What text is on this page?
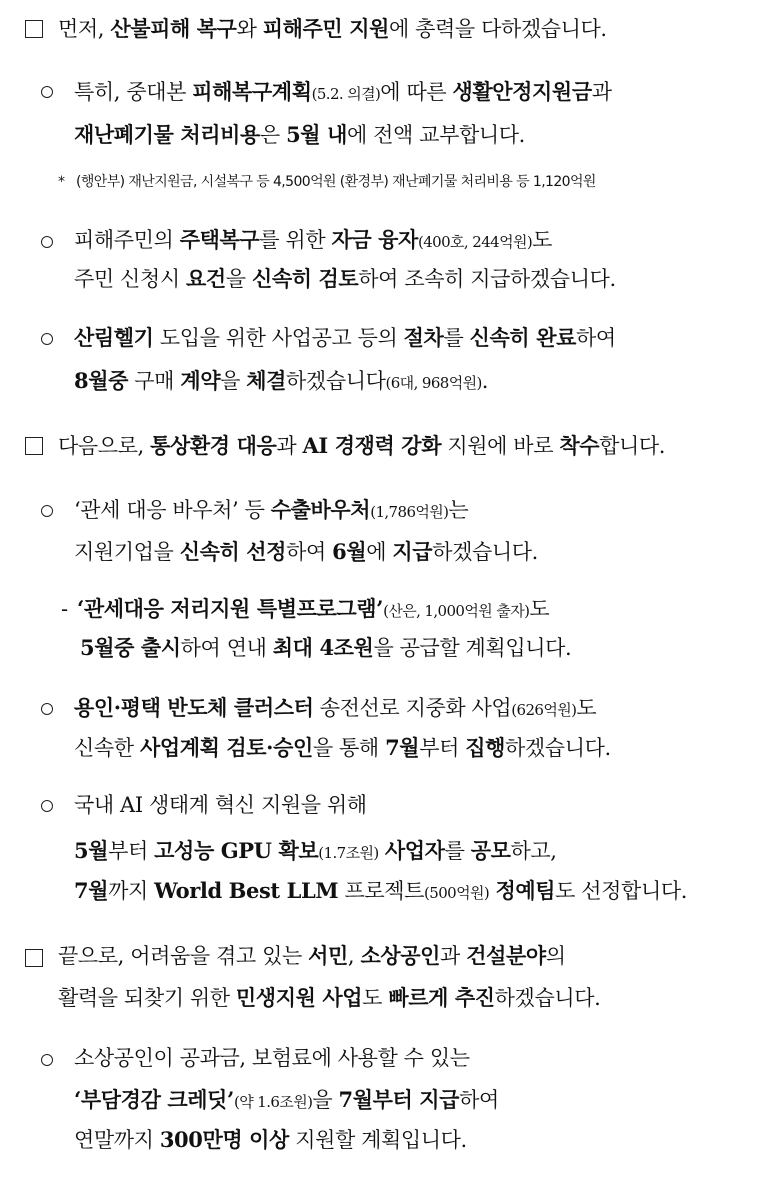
먼저, 산불피해 복구와 피해주민 지원에 총력을 다하겠습니다.
특히, 중대본 피해복구계획(5.2. 의결)에 따른 생활안정지원금과
재난폐기물 처리비용은 5월 내에 전액 교부합니다.
* (행안부) 재난지원금, 시설복구 등 4,500억원 (환경부) 재난폐기물 처리비용 등 1,120억원
피해주민의 주택복구를 위한 자금 융자(400호, 244억원)도
주민 신청시 요건을 신속히 검토하여 조속히 지급하겠습니다.
산림헬기 도입을 위한 사업공고 등의 절차를 신속히 완료하여
8월중 구매 계약을 체결하겠습니다(6대, 968억원).
다음으로, 통상환경 대응과 AI 경쟁력 강화 지원에 바로 착수합니다.
‘관세 대응 바우처’ 등 수출바우처(1,786억원)는
지원기업을 신속히 선정하여 6월에 지급하겠습니다.
- ‘관세대응 저리지원 특별프로그램’(산은, 1,000억원 출자)도
5월중 출시하여 연내 최대 4조원을 공급할 계획입니다.
용인·평택 반도체 클러스터 송전선로 지중화 사업(626억원)도
신속한 사업계획 검토·승인을 통해 7월부터 집행하겠습니다.
국내 AI 생태계 혁신 지원을 위해
5월부터 고성능 GPU 확보(1.7조원) 사업자를 공모하고,
7월까지 World Best LLM 프로젝트(500억원) 정예팀도 선정합니다.
끝으로, 어려움을 겪고 있는 서민, 소상공인과 건설분야의
활력을 되찾기 위한 민생지원 사업도 빠르게 추진하겠습니다.
소상공인이 공과금, 보험료에 사용할 수 있는
‘부담경감 크레딧’(약 1.6조원)을 7월부터 지급하여
연말까지 300만명 이상 지원할 계획입니다.
